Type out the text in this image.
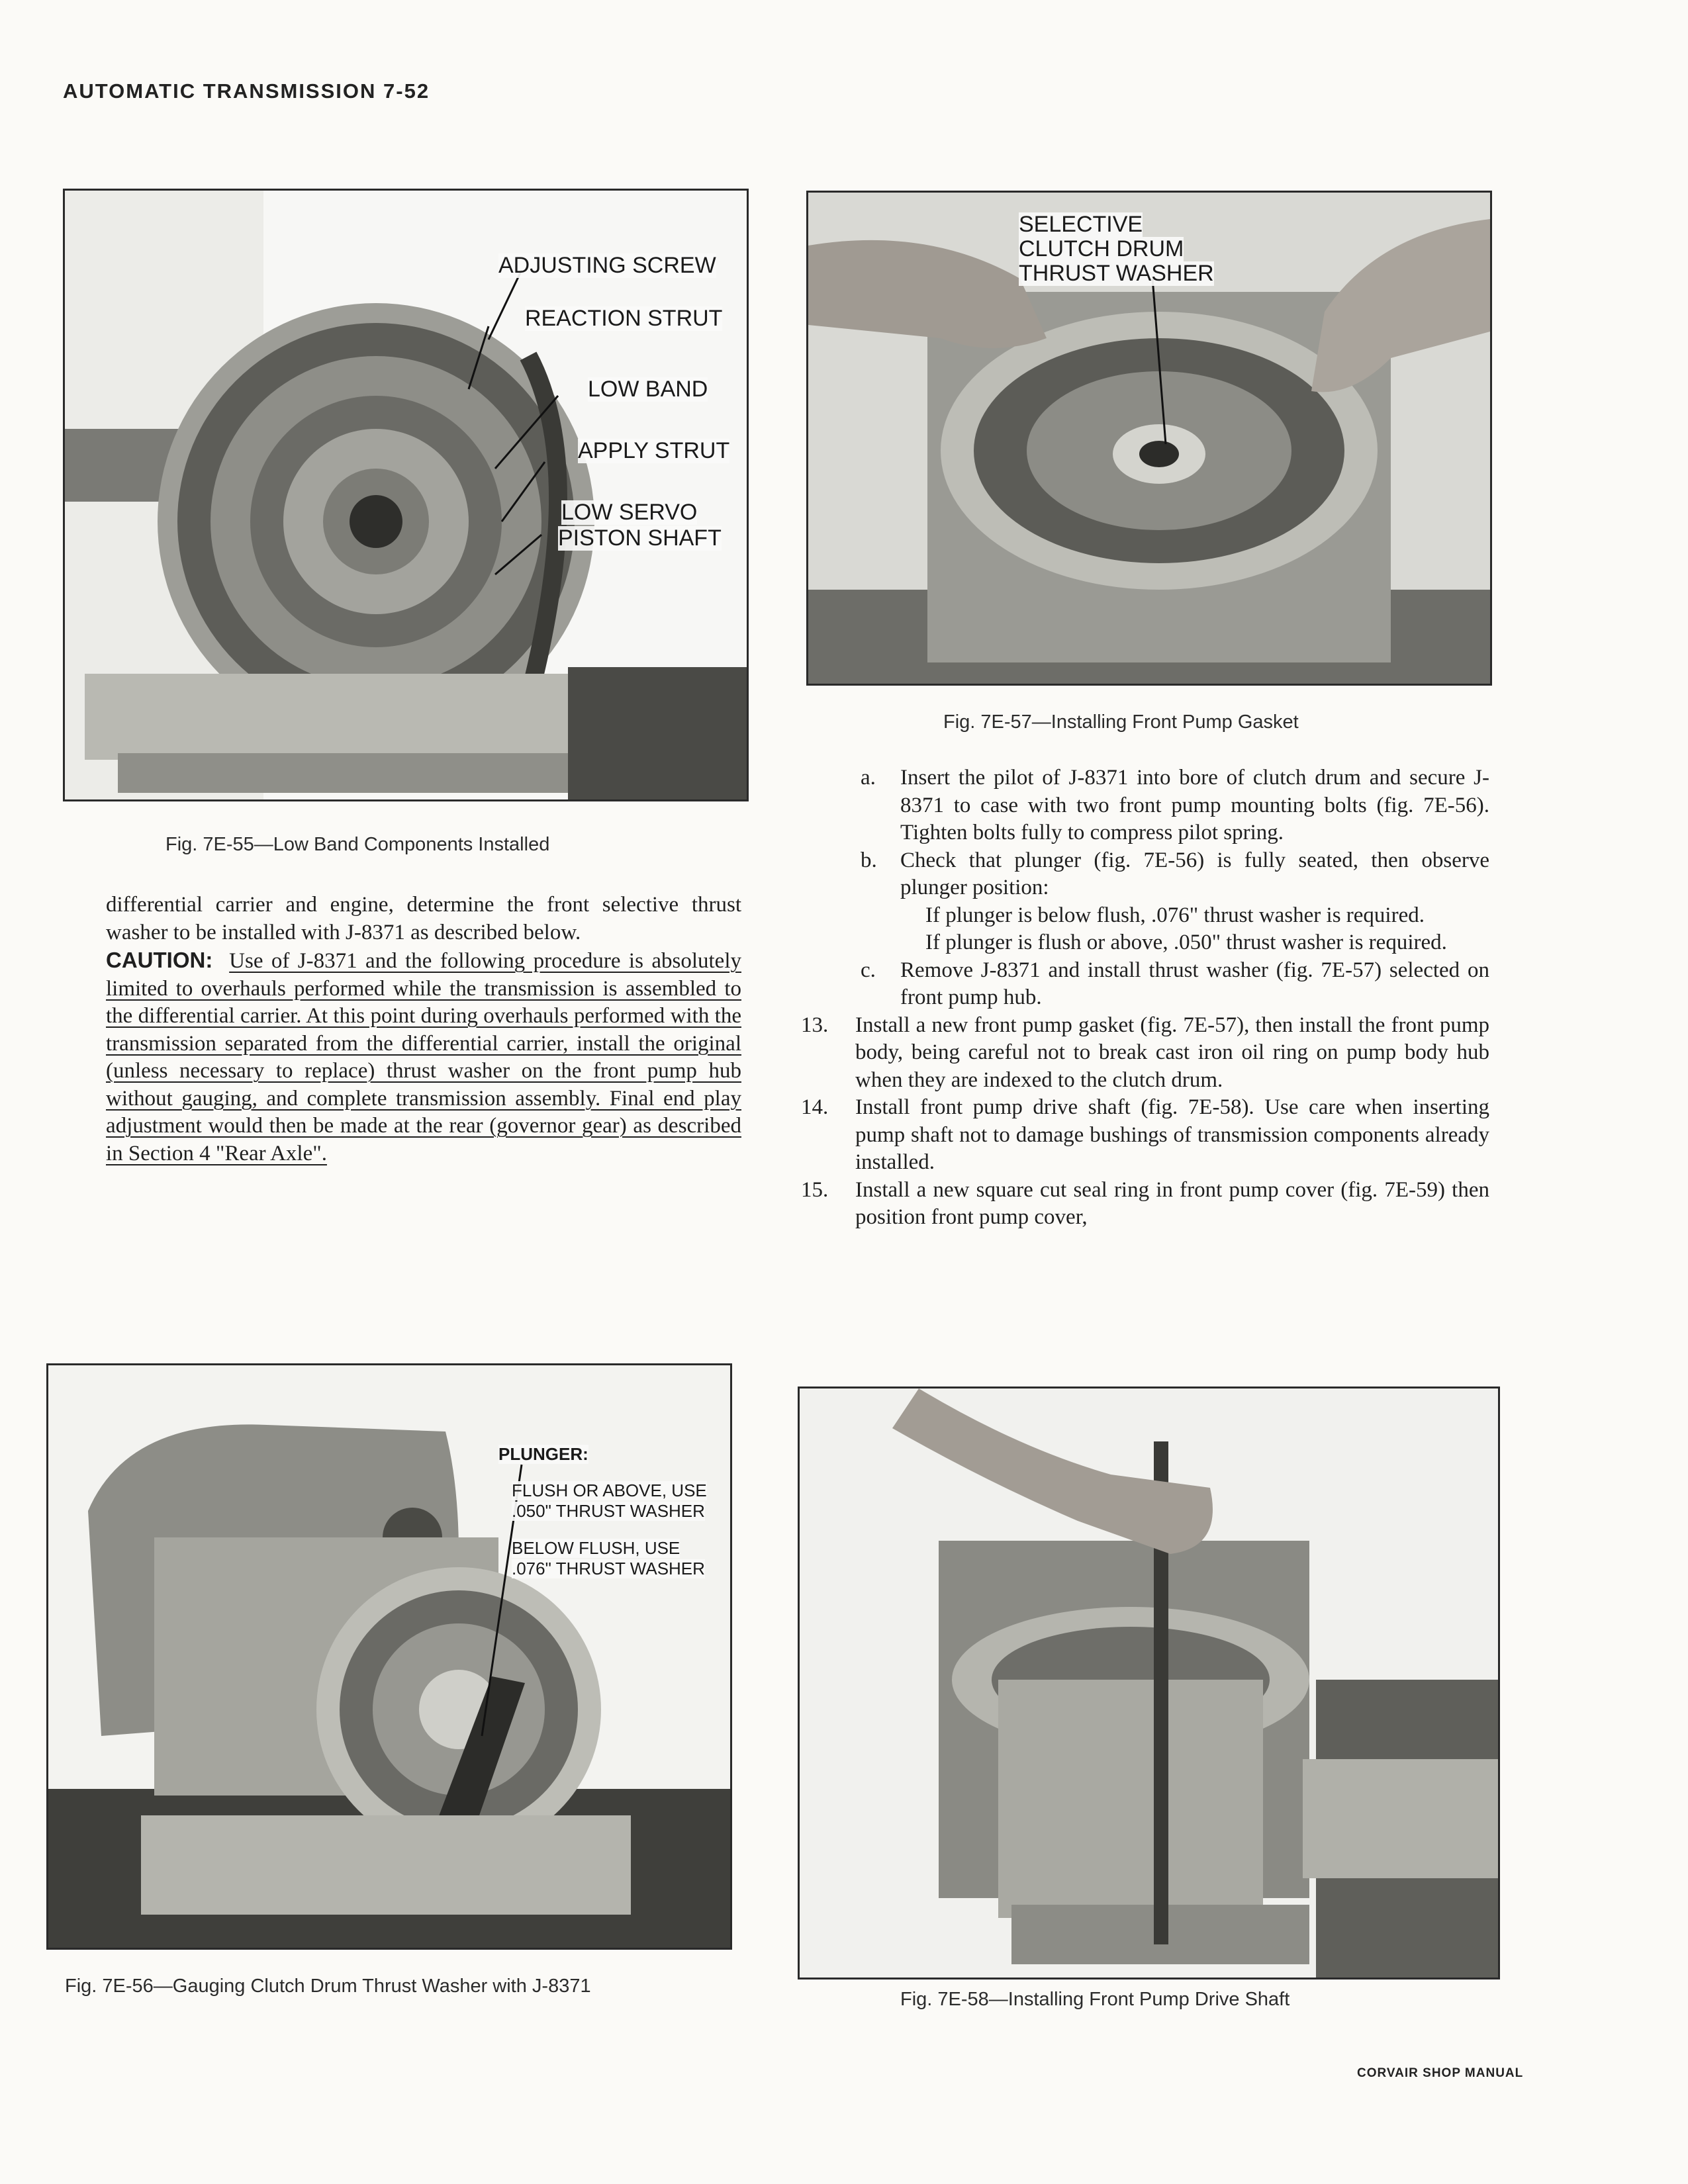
AUTOMATIC TRANSMISSION 7-52
ADJUSTING SCREW
REACTION STRUT
LOW BAND
APPLY STRUT
LOW SERVO
PISTON SHAFT
Fig. 7E-55—Low Band Components Installed
SELECTIVE
CLUTCH DRUM
THRUST WASHER
Fig. 7E-57—Installing Front Pump Gasket

differential carrier and engine, determine the front selective thrust washer to be installed with J-8371 as described below.

CAUTION: Use of J-8371 and the following procedure is absolutely limited to overhauls performed while the transmission is assembled to the differential carrier. At this point during overhauls performed with the transmission separated from the differential carrier, install the original (unless necessary to replace) thrust washer on the front pump hub without gauging, and complete transmission assembly. Final end play adjustment would then be made at the rear (governor gear) as described in Section 4 "Rear Axle".

a. Insert the pilot of J-8371 into bore of clutch drum and secure J-8371 to case with two front pump mounting bolts (fig. 7E-56). Tighten bolts fully to compress pilot spring.
b. Check that plunger (fig. 7E-56) is fully seated, then observe plunger position:

If plunger is below flush, .076" thrust washer is required.

If plunger is flush or above, .050" thrust washer is required.

c. Remove J-8371 and install thrust washer (fig. 7E-57) selected on front pump hub.
13. Install a new front pump gasket (fig. 7E-57), then install the front pump body, being careful not to break cast iron oil ring on pump body hub when they are indexed to the clutch drum.
14. Install front pump drive shaft (fig. 7E-58). Use care when inserting pump shaft not to damage bushings of transmission components already installed.
15. Install a new square cut seal ring in front pump cover (fig. 7E-59) then position front pump cover,
PLUNGER:
FLUSH OR ABOVE, USE
.050" THRUST WASHER
BELOW FLUSH, USE
.076" THRUST WASHER
Fig. 7E-56—Gauging Clutch Drum Thrust Washer with J-8371
Fig. 7E-58—Installing Front Pump Drive Shaft
CORVAIR SHOP MANUAL
